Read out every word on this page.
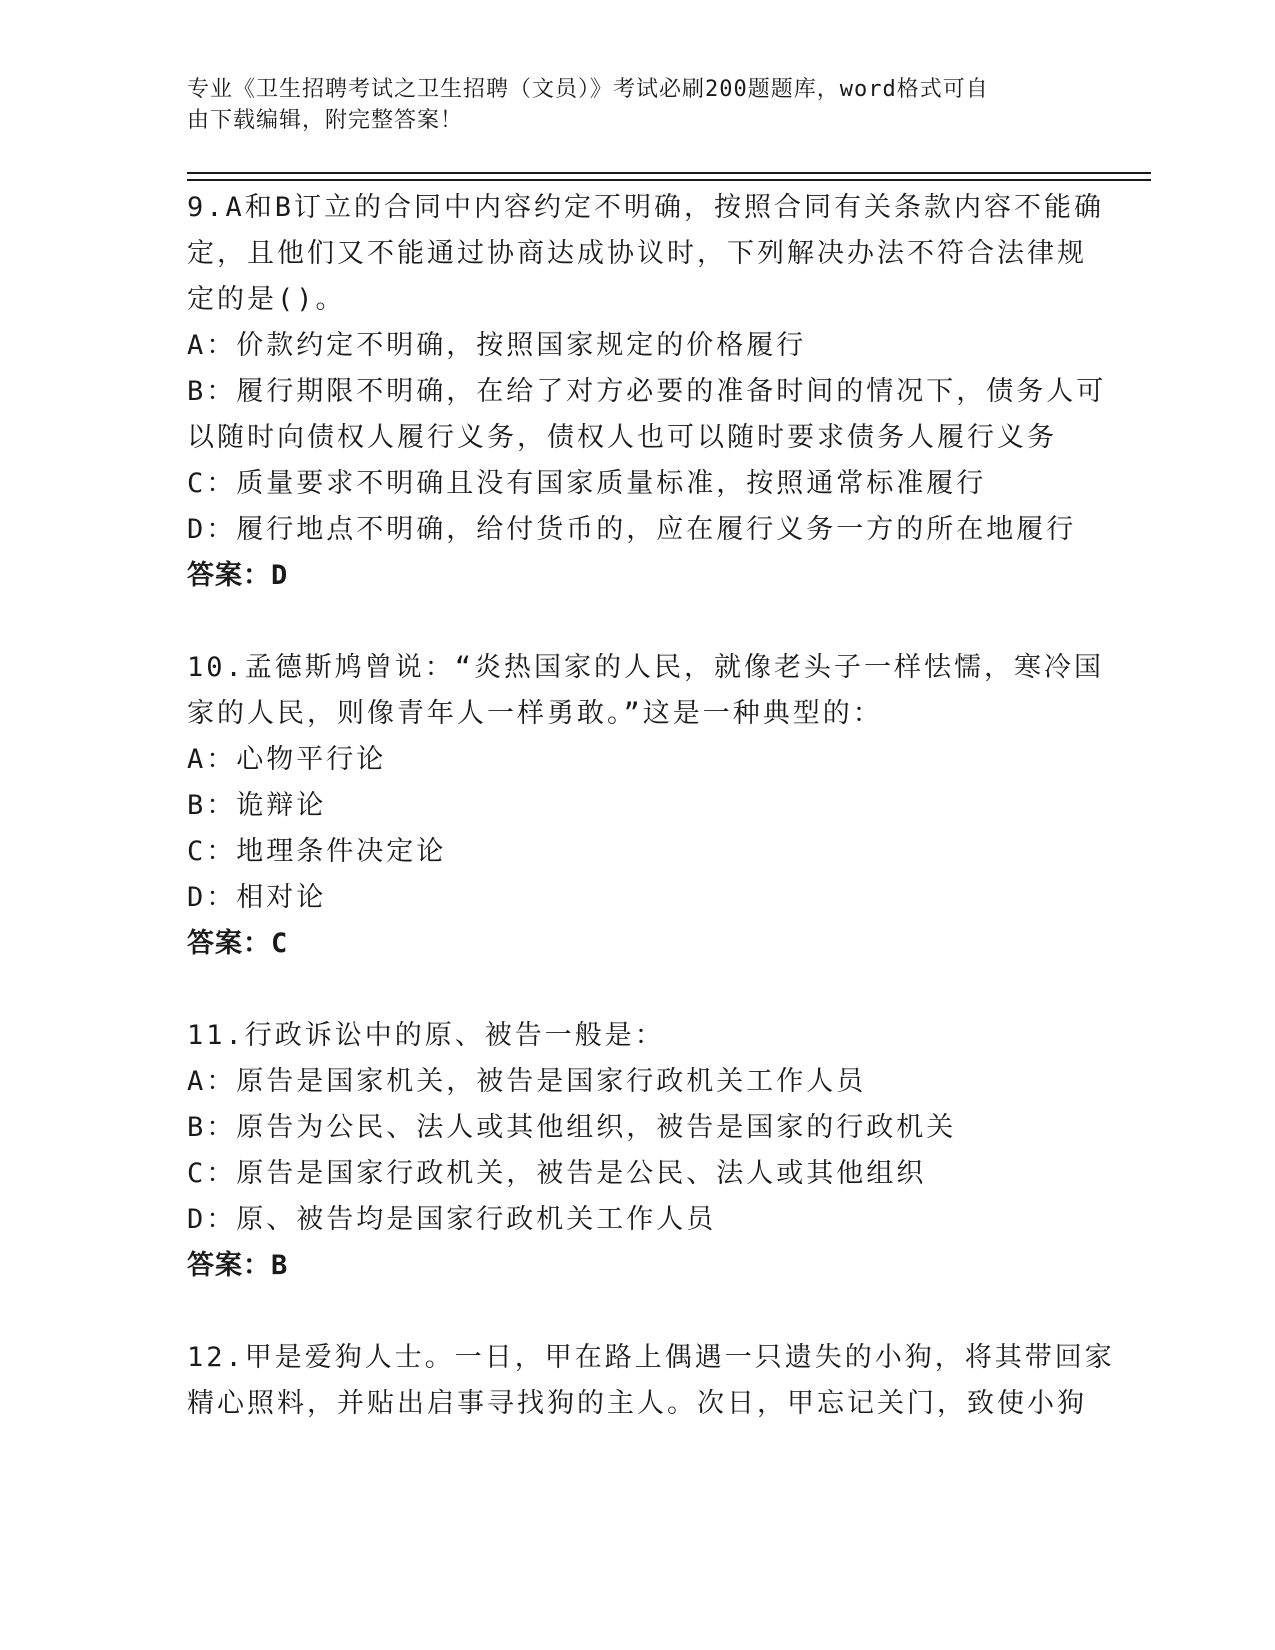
专业《卫生招聘考试之卫生招聘（文员）》考试必刷200题题库，word格式可自
由下载编辑，附完整答案！
9.A和B订立的合同中内容约定不明确，按照合同有关条款内容不能确
定，且他们又不能通过协商达成协议时，下列解决办法不符合法律规
定的是()。
A：价款约定不明确，按照国家规定的价格履行
B：履行期限不明确，在给了对方必要的准备时间的情况下，债务人可
以随时向债权人履行义务，债权人也可以随时要求债务人履行义务
C：质量要求不明确且没有国家质量标准，按照通常标准履行
D：履行地点不明确，给付货币的，应在履行义务一方的所在地履行
答案：D
10.孟德斯鸠曾说：“炎热国家的人民，就像老头子一样怯懦，寒冷国
家的人民，则像青年人一样勇敢。”这是一种典型的：
A：心物平行论
B：诡辩论
C：地理条件决定论
D：相对论
答案：C
11.行政诉讼中的原、被告一般是：
A：原告是国家机关，被告是国家行政机关工作人员
B：原告为公民、法人或其他组织，被告是国家的行政机关
C：原告是国家行政机关，被告是公民、法人或其他组织
D：原、被告均是国家行政机关工作人员
答案：B
12.甲是爱狗人士。一日，甲在路上偶遇一只遗失的小狗，将其带回家
精心照料，并贴出启事寻找狗的主人。次日，甲忘记关门，致使小狗
